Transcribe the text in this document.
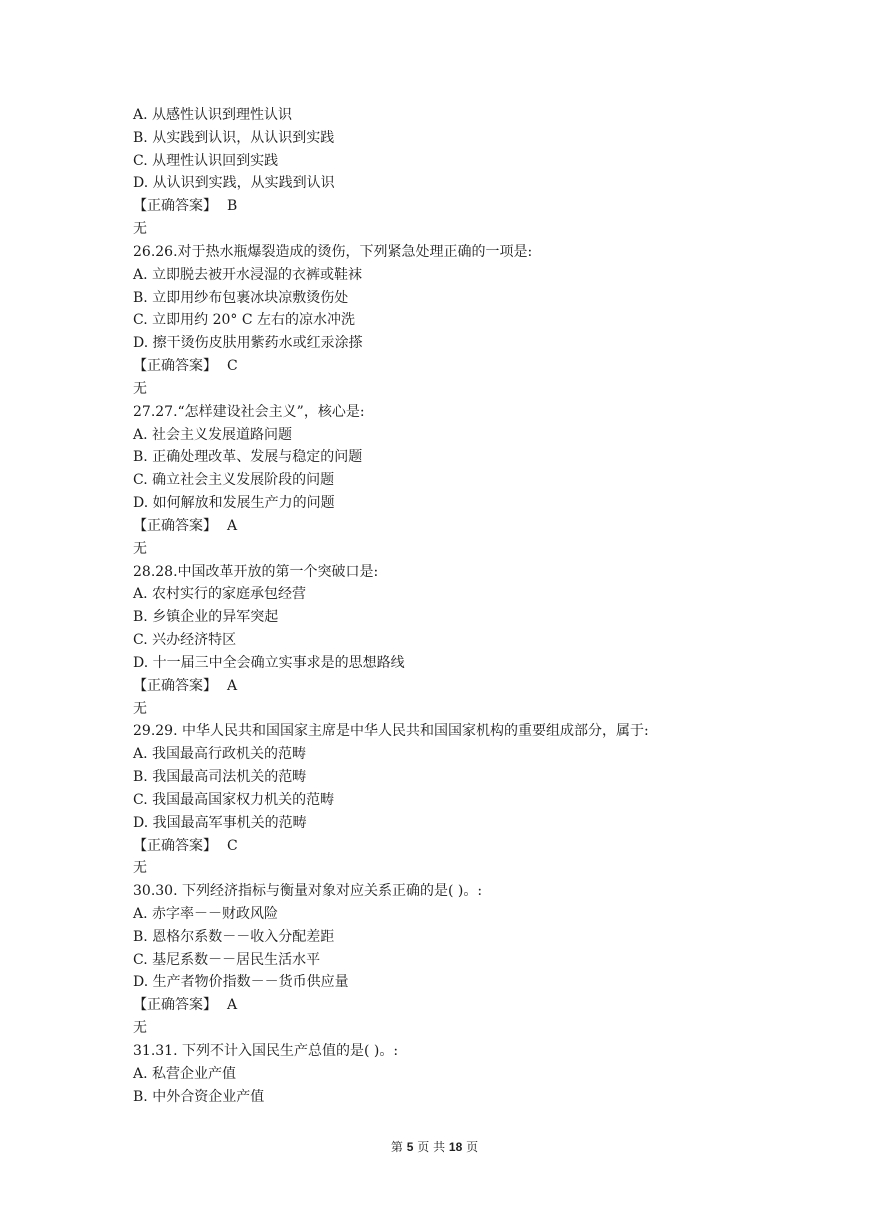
A. 从感性认识到理性认识
B. 从实践到认识，从认识到实践
C. 从理性认识回到实践
D. 从认识到实践，从实践到认识
【正确答案】 B
无
26.26.对于热水瓶爆裂造成的烫伤，下列紧急处理正确的一项是:
A. 立即脱去被开水浸湿的衣裤或鞋袜
B. 立即用纱布包裹冰块凉敷烫伤处
C. 立即用约 20° C 左右的凉水冲洗
D. 擦干烫伤皮肤用紫药水或红汞涂搽
【正确答案】 C
无
27.27.“怎样建设社会主义”，核心是:
A. 社会主义发展道路问题
B. 正确处理改革、发展与稳定的问题
C. 确立社会主义发展阶段的问题
D. 如何解放和发展生产力的问题
【正确答案】 A
无
28.28.中国改革开放的第一个突破口是:
A. 农村实行的家庭承包经营
B. 乡镇企业的异军突起
C. 兴办经济特区
D. 十一届三中全会确立实事求是的思想路线
【正确答案】 A
无
29.29. 中华人民共和国国家主席是中华人民共和国国家机构的重要组成部分，属于:
A. 我国最高行政机关的范畴
B. 我国最高司法机关的范畴
C. 我国最高国家权力机关的范畴
D. 我国最高军事机关的范畴
【正确答案】 C
无
30.30. 下列经济指标与衡量对象对应关系正确的是( )。:
A. 赤字率－－财政风险
B. 恩格尔系数－－收入分配差距
C. 基尼系数－－居民生活水平
D. 生产者物价指数－－货币供应量
【正确答案】 A
无
31.31. 下列不计入国民生产总值的是( )。:
A. 私营企业产值
B. 中外合资企业产值
第 5 页 共 18 页
